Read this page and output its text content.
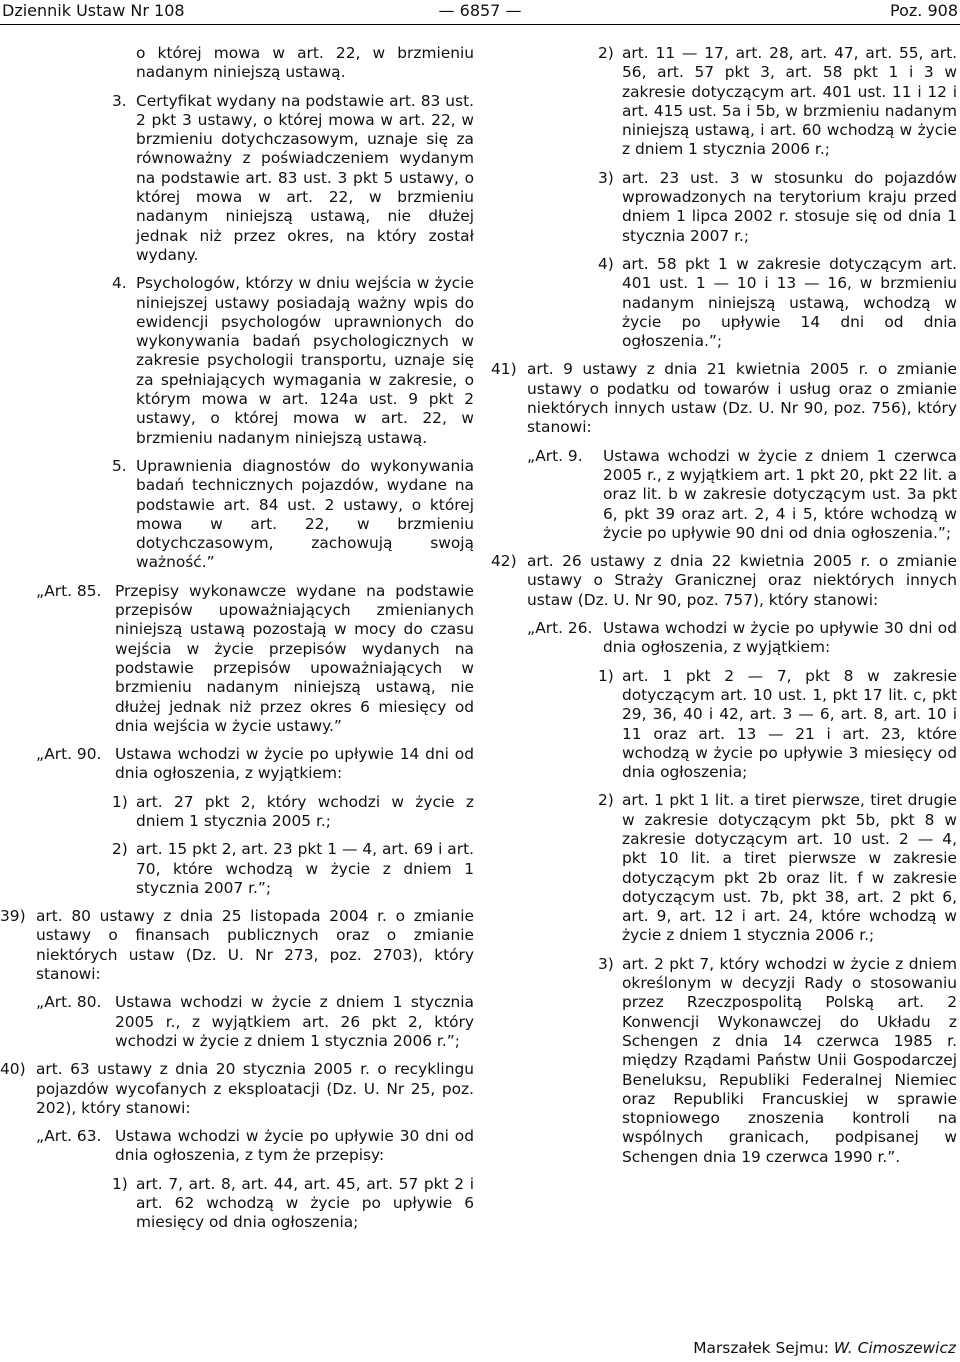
Dziennik Ustaw Nr 108	— 6857 —	Poz. 908
o której mowa w art. 22, w brzmieniu nadanym niniejszą ustawą.
3. Certyfikat wydany na podstawie art. 83 ust. 2 pkt 3 ustawy, o której mowa w art. 22, w brzmieniu dotychczasowym, uznaje się za równoważny z poświadczeniem wydanym na podstawie art. 83 ust. 3 pkt 5 ustawy, o której mowa w art. 22, w brzmieniu nadanym niniejszą ustawą, nie dłużej jednak niż przez okres, na który został wydany.
4. Psychologów, którzy w dniu wejścia w życie niniejszej ustawy posiadają ważny wpis do ewidencji psychologów uprawnionych do wykonywania badań psychologicznych w zakresie psychologii transportu, uznaje się za spełniających wymagania w zakresie, o którym mowa w art. 124a ust. 9 pkt 2 ustawy, o której mowa w art. 22, w brzmieniu nadanym niniejszą ustawą.
5. Uprawnienia diagnostów do wykonywania badań technicznych pojazdów, wydane na podstawie art. 84 ust. 2 ustawy, o której mowa w art. 22, w brzmieniu dotychczasowym, zachowują swoją ważność.”
„Art. 85. Przepisy wykonawcze wydane na podstawie przepisów upoważniających zmienianych niniejszą ustawą pozostają w mocy do czasu wejścia w życie przepisów wydanych na podstawie przepisów upoważniających w brzmieniu nadanym niniejszą ustawą, nie dłużej jednak niż przez okres 6 miesięcy od dnia wejścia w życie ustawy.”
„Art. 90. Ustawa wchodzi w życie po upływie 14 dni od dnia ogłoszenia, z wyjątkiem:
1) art. 27 pkt 2, który wchodzi w życie z dniem 1 stycznia 2005 r.;
2) art. 15 pkt 2, art. 23 pkt 1 — 4, art. 69 i art. 70, które wchodzą w życie z dniem 1 stycznia 2007 r.”;
39) art. 80 ustawy z dnia 25 listopada 2004 r. o zmianie ustawy o finansach publicznych oraz o zmianie niektórych ustaw (Dz. U. Nr 273, poz. 2703), który stanowi:
„Art. 80. Ustawa wchodzi w życie z dniem 1 stycznia 2005 r., z wyjątkiem art. 26 pkt 2, który wchodzi w życie z dniem 1 stycznia 2006 r.”;
40) art. 63 ustawy z dnia 20 stycznia 2005 r. o recyklingu pojazdów wycofanych z eksploatacji (Dz. U. Nr 25, poz. 202), który stanowi:
„Art. 63. Ustawa wchodzi w życie po upływie 30 dni od dnia ogłoszenia, z tym że przepisy:
1) art. 7, art. 8, art. 44, art. 45, art. 57 pkt 2 i art. 62 wchodzą w życie po upływie 6 miesięcy od dnia ogłoszenia;
2) art. 11 — 17, art. 28, art. 47, art. 55, art. 56, art. 57 pkt 3, art. 58 pkt 1 i 3 w zakresie dotyczącym art. 401 ust. 11 i 12 i art. 415 ust. 5a i 5b, w brzmieniu nadanym niniejszą ustawą, i art. 60 wchodzą w życie z dniem 1 stycznia 2006 r.;
3) art. 23 ust. 3 w stosunku do pojazdów wprowadzonych na terytorium kraju przed dniem 1 lipca 2002 r. stosuje się od dnia 1 stycznia 2007 r.;
4) art. 58 pkt 1 w zakresie dotyczącym art. 401 ust. 1 — 10 i 13 — 16, w brzmieniu nadanym niniejszą ustawą, wchodzą w życie po upływie 14 dni od dnia ogłoszenia.”;
41) art. 9 ustawy z dnia 21 kwietnia 2005 r. o zmianie ustawy o podatku od towarów i usług oraz o zmianie niektórych innych ustaw (Dz. U. Nr 90, poz. 756), który stanowi:
„Art. 9. Ustawa wchodzi w życie z dniem 1 czerwca 2005 r., z wyjątkiem art. 1 pkt 20, pkt 22 lit. a oraz lit. b w zakresie dotyczącym ust. 3a pkt 6, pkt 39 oraz art. 2, 4 i 5, które wchodzą w życie po upływie 90 dni od dnia ogłoszenia.”;
42) art. 26 ustawy z dnia 22 kwietnia 2005 r. o zmianie ustawy o Straży Granicznej oraz niektórych innych ustaw (Dz. U. Nr 90, poz. 757), który stanowi:
„Art. 26. Ustawa wchodzi w życie po upływie 30 dni od dnia ogłoszenia, z wyjątkiem:
1) art. 1 pkt 2 — 7, pkt 8 w zakresie dotyczącym art. 10 ust. 1, pkt 17 lit. c, pkt 29, 36, 40 i 42, art. 3 — 6, art. 8, art. 10 i 11 oraz art. 13 — 21 i art. 23, które wchodzą w życie po upływie 3 miesięcy od dnia ogłoszenia;
2) art. 1 pkt 1 lit. a tiret pierwsze, tiret drugie w zakresie dotyczącym pkt 5b, pkt 8 w zakresie dotyczącym art. 10 ust. 2 — 4, pkt 10 lit. a tiret pierwsze w zakresie dotyczącym pkt 2b oraz lit. f w zakresie dotyczącym ust. 7b, pkt 38, art. 2 pkt 6, art. 9, art. 12 i art. 24, które wchodzą w życie z dniem 1 stycznia 2006 r.;
3) art. 2 pkt 7, który wchodzi w życie z dniem określonym w decyzji Rady o stosowaniu przez Rzeczpospolitą Polską art. 2 Konwencji Wykonawczej do Układu z Schengen z dnia 14 czerwca 1985 r. między Rządami Państw Unii Gospodarczej Beneluksu, Republiki Federalnej Niemiec oraz Republiki Francuskiej w sprawie stopniowego znoszenia kontroli na wspólnych granicach, podpisanej w Schengen dnia 19 czerwca 1990 r.”.
Marszałek Sejmu: W. Cimoszewicz
